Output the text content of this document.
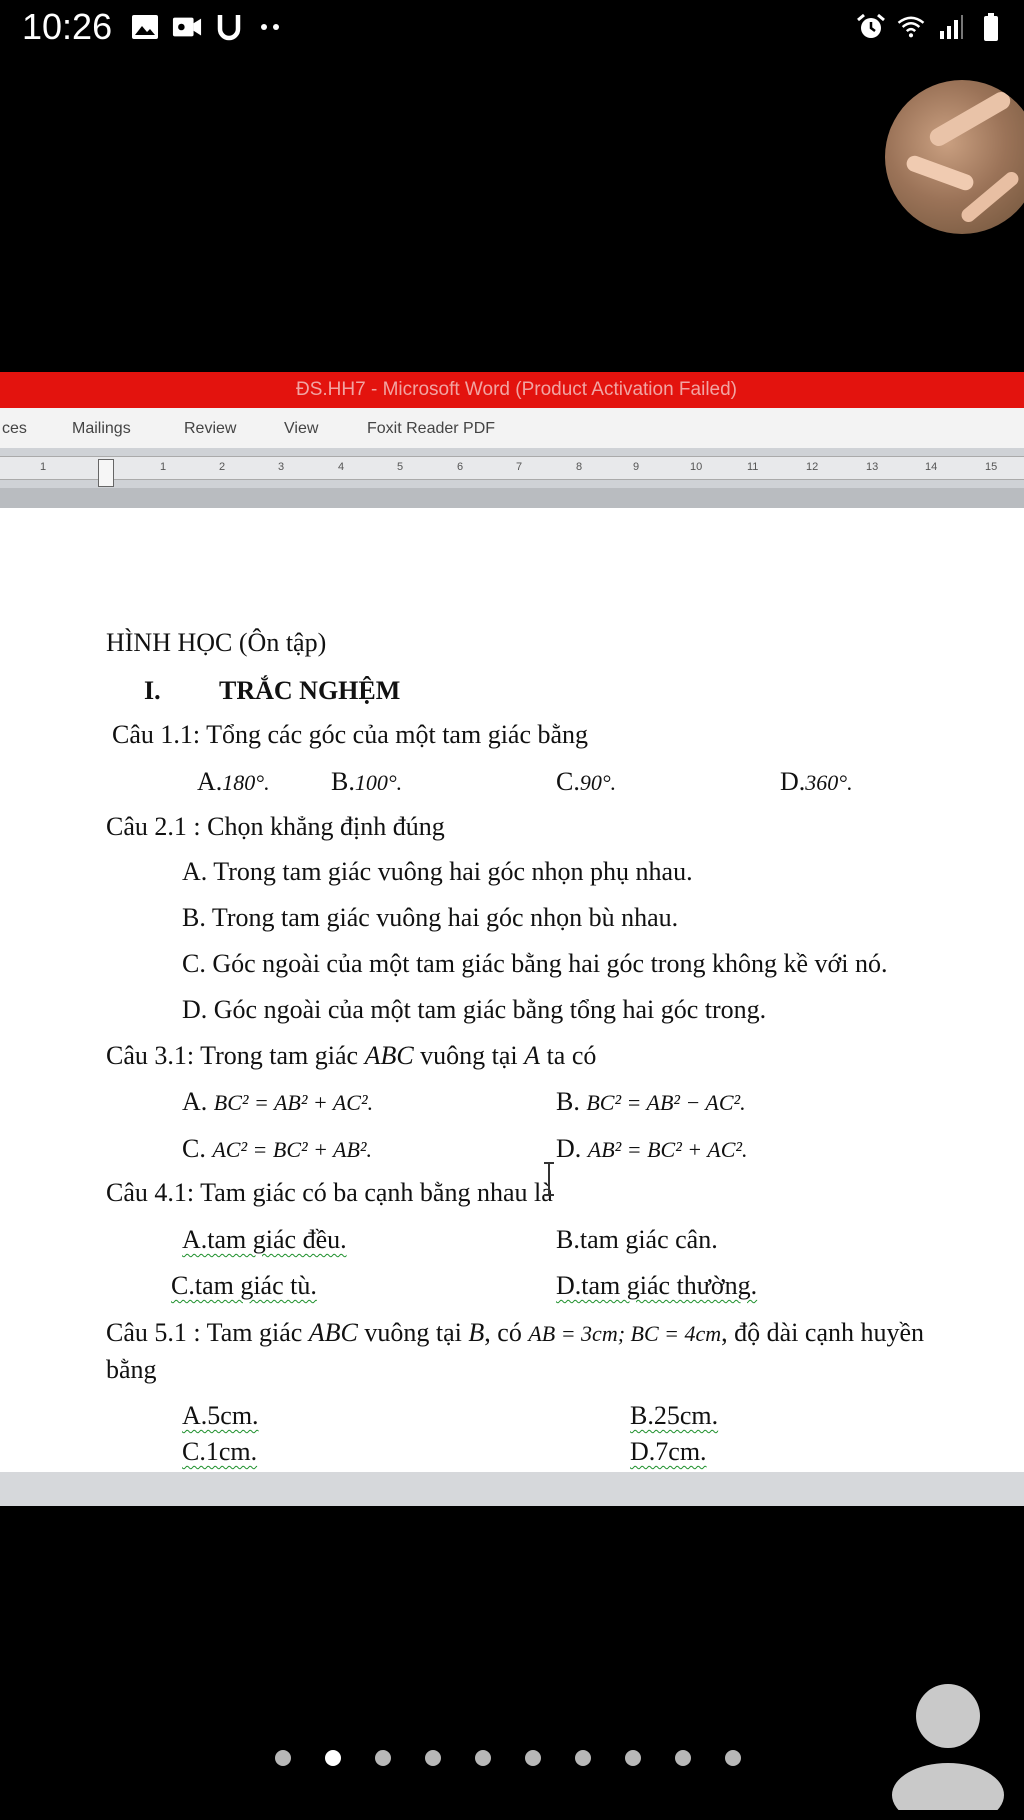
10:26
ĐS.HH7 - Microsoft Word (Product Activation Failed)
ces	Mailings	Review	View	Foxit Reader PDF
1	1	2	3	4	5	6	7	8	9	10	11	12	13	14	15
HÌNH HỌC (Ôn tập)
I. TRẮC NGHỆM
Câu 1.1: Tổng các góc của một tam giác bằng
A.180°. B.100°.	C.90°.	D.360°.
Câu 2.1 : Chọn khẳng định đúng
A. Trong tam giác vuông hai góc nhọn phụ nhau.
B. Trong tam giác vuông hai góc nhọn bù nhau.
C. Góc ngoài của một tam giác bằng hai góc trong không kề với nó.
D. Góc ngoài của một tam giác bằng tổng hai góc trong.
Câu 3.1: Trong tam giác ABC vuông tại A ta có
A. BC² = AB² + AC².	B. BC² = AB² − AC².
C. AC² = BC² + AB².	D. AB² = BC² + AC².
Câu 4.1: Tam giác có ba cạnh bằng nhau là
A.tam giác đều.	B.tam giác cân.
C.tam giác tù.	D.tam giác thường.
Câu 5.1 : Tam giác ABC vuông tại B, có AB = 3cm; BC = 4cm, độ dài cạnh huyền
bằng
A.5cm.	B.25cm.
C.1cm.	D.7cm.
